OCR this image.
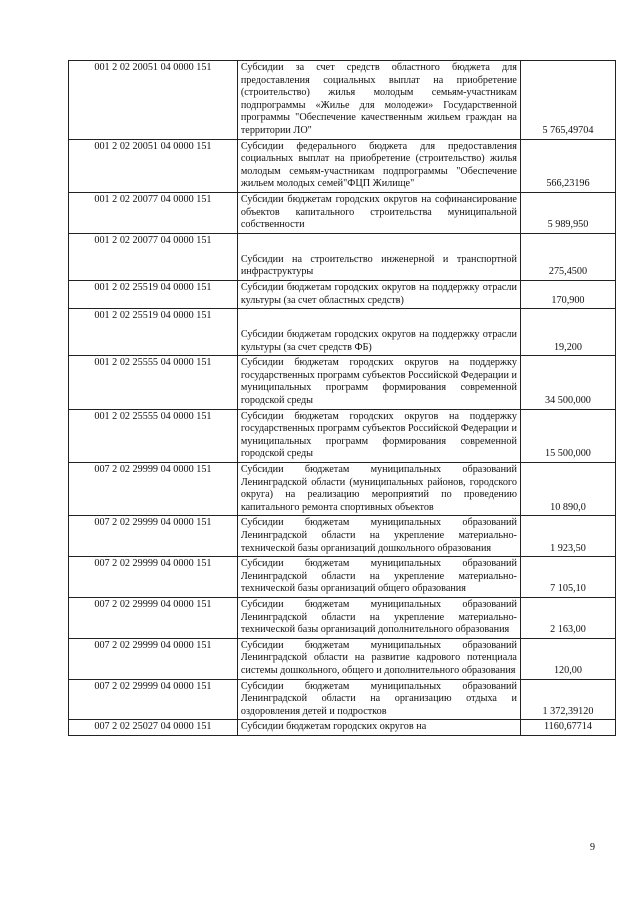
001 2 02 20051 04 0000 151	Субсидии за счет средств областного бюджета для предоставления социальных выплат на приобретение (строительство) жилья молодым семьям-участникам подпрограммы «Жилье для молодежи» Государственной программы "Обеспечение качественным жильем граждан на территории ЛО"	5 765,49704
001 2 02 20051 04 0000 151	Субсидии федерального бюджета для предоставления социальных выплат на приобретение (строительство) жилья молодым семьям-участникам подпрограммы "Обеспечение жильем молодых семей"ФЦП Жилище"	566,23196
001 2 02 20077 04 0000 151	Субсидии бюджетам городских округов на софинансирование объектов капитального строительства муниципальной собственности	5 989,950
001 2 02 20077 04 0000 151	Субсидии на строительство инженерной и транспортной инфраструктуры	275,4500
001 2 02 25519 04 0000 151	Субсидии бюджетам городских округов на поддержку отрасли культуры (за счет областных средств)	170,900
001 2 02 25519 04 0000 151	Субсидии бюджетам городских округов на поддержку отрасли культуры (за счет средств ФБ)	19,200
001 2 02 25555 04 0000 151	Субсидии бюджетам городских округов на поддержку государственных программ субъектов Российской Федерации и муниципальных программ формирования современной городской среды	34 500,000
001 2 02 25555 04 0000 151	Субсидии бюджетам городских округов на поддержку государственных программ субъектов Российской Федерации и муниципальных программ формирования современной городской среды	15 500,000
007 2 02 29999 04 0000 151	Субсидии бюджетам муниципальных образований Ленинградской области (муниципальных районов, городского округа) на реализацию мероприятий по проведению капитального ремонта спортивных объектов	10 890,0
007 2 02 29999 04 0000 151	Субсидии бюджетам муниципальных образований Ленинградской области на укрепление материально-технической базы организаций дошкольного образования	1 923,50
007 2 02 29999 04 0000 151	Субсидии бюджетам муниципальных образований Ленинградской области на укрепление материально-технической базы организаций общего образования	7 105,10
007 2 02 29999 04 0000 151	Субсидии бюджетам муниципальных образований Ленинградской области на укрепление материально-технической базы организаций дополнительного образования	2 163,00
007 2 02 29999 04 0000 151	Субсидии бюджетам муниципальных образований Ленинградской области на развитие кадрового потенциала системы дошкольного, общего и дополнительного образования	120,00
007 2 02 29999 04 0000 151	Субсидии бюджетам муниципальных образований Ленинградской области на организацию отдыха и оздоровления детей и подростков	1 372,39120
007 2 02 25027 04 0000 151	Субсидии бюджетам городских округов на	1160,67714
9
